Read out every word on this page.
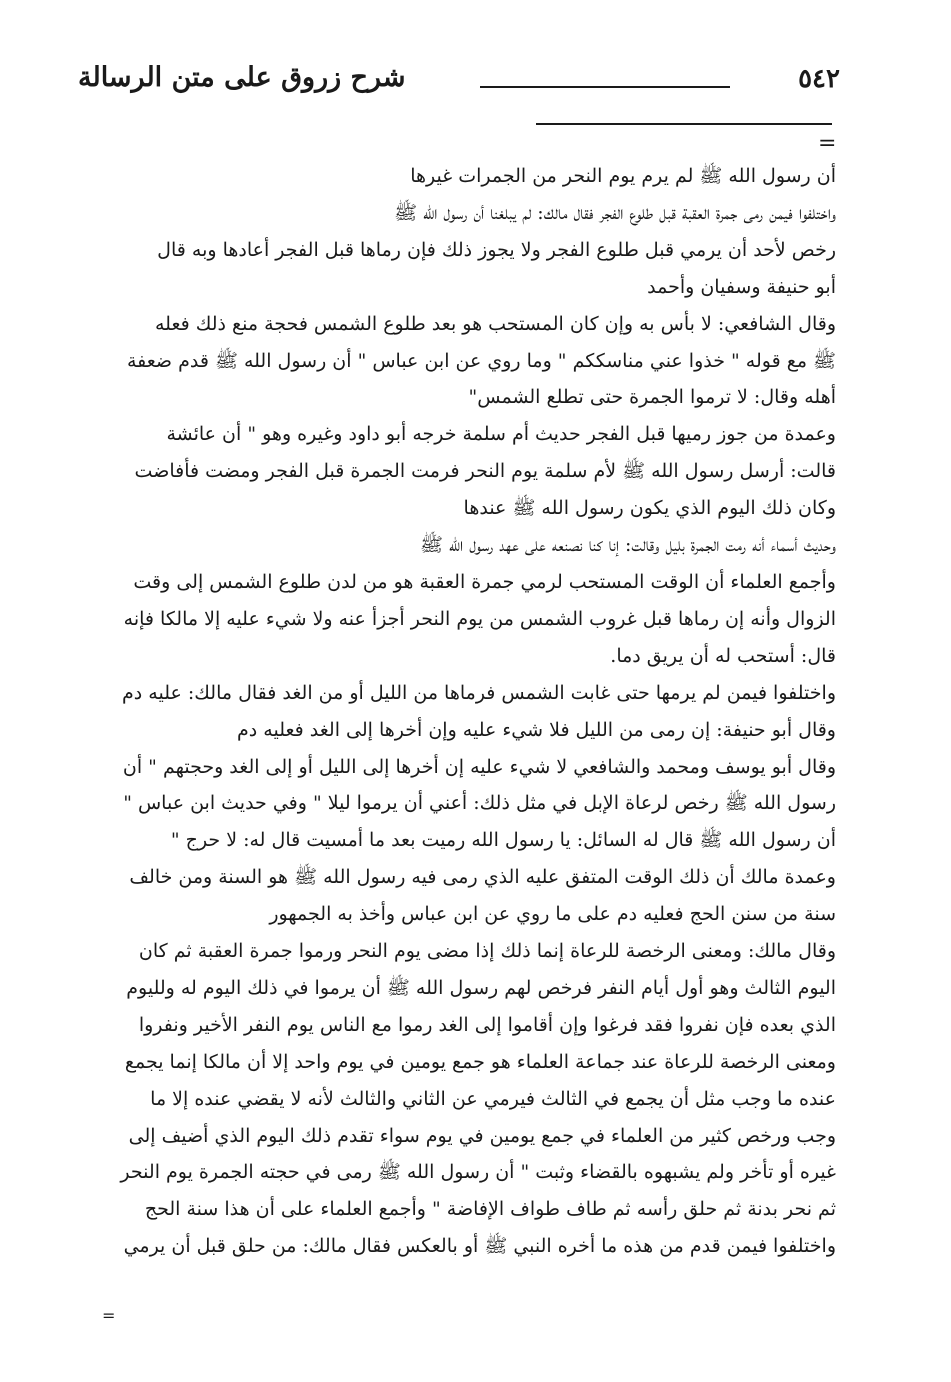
٥٤٢
شرح زروق على متن الرسالة
=
أن رسول الله ﷺ لم يرم يوم النحر من الجمرات غيرها
واختلفوا فيمن رمى جمرة العقبة قبل طلوع الفجر فقال مالك: لم يبلغنا أن رسول الله ﷺ
رخص لأحد أن يرمي قبل طلوع الفجر ولا يجوز ذلك فإن رماها قبل الفجر أعادها وبه قال
أبو حنيفة وسفيان وأحمد
وقال الشافعي: لا بأس به وإن كان المستحب هو بعد طلوع الشمس فحجة منع ذلك فعله
ﷺ مع قوله " خذوا عني مناسككم " وما روي عن ابن عباس " أن رسول الله ﷺ قدم ضعفة
أهله وقال: لا ترموا الجمرة حتى تطلع الشمس"
وعمدة من جوز رميها قبل الفجر حديث أم سلمة خرجه أبو داود وغيره وهو " أن عائشة
قالت: أرسل رسول الله ﷺ لأم سلمة يوم النحر فرمت الجمرة قبل الفجر ومضت فأفاضت
وكان ذلك اليوم الذي يكون رسول الله ﷺ عندها
وحديث أسماء أنه رمت الجمرة بليل وقالت: إنا كنا نصنعه على عهد رسول الله ﷺ
وأجمع العلماء أن الوقت المستحب لرمي جمرة العقبة هو من لدن طلوع الشمس إلى وقت
الزوال وأنه إن رماها قبل غروب الشمس من يوم النحر أجزأ عنه ولا شيء عليه إلا مالكا فإنه
قال: أستحب له أن يريق دما.
واختلفوا فيمن لم يرمها حتى غابت الشمس فرماها من الليل أو من الغد فقال مالك: عليه دم
وقال أبو حنيفة: إن رمى من الليل فلا شيء عليه وإن أخرها إلى الغد فعليه دم
وقال أبو يوسف ومحمد والشافعي لا شيء عليه إن أخرها إلى الليل أو إلى الغد وحجتهم " أن
رسول الله ﷺ رخص لرعاة الإبل في مثل ذلك: أعني أن يرموا ليلا " وفي حديث ابن عباس "
أن رسول الله ﷺ قال له السائل: يا رسول الله رميت بعد ما أمسيت قال له: لا حرج "
وعمدة مالك أن ذلك الوقت المتفق عليه الذي رمى فيه رسول الله ﷺ هو السنة ومن خالف
سنة من سنن الحج فعليه دم على ما روي عن ابن عباس وأخذ به الجمهور
وقال مالك: ومعنى الرخصة للرعاة إنما ذلك إذا مضى يوم النحر ورموا جمرة العقبة ثم كان
اليوم الثالث وهو أول أيام النفر فرخص لهم رسول الله ﷺ أن يرموا في ذلك اليوم له ولليوم
الذي بعده فإن نفروا فقد فرغوا وإن أقاموا إلى الغد رموا مع الناس يوم النفر الأخير ونفروا
ومعنى الرخصة للرعاة عند جماعة العلماء هو جمع يومين في يوم واحد إلا أن مالكا إنما يجمع
عنده ما وجب مثل أن يجمع في الثالث فيرمي عن الثاني والثالث لأنه لا يقضي عنده إلا ما
وجب ورخص كثير من العلماء في جمع يومين في يوم سواء تقدم ذلك اليوم الذي أضيف إلى
غيره أو تأخر ولم يشبهوه بالقضاء وثبت " أن رسول الله ﷺ رمى في حجته الجمرة يوم النحر
ثم نحر بدنة ثم حلق رأسه ثم طاف طواف الإفاضة " وأجمع العلماء على أن هذا سنة الحج
واختلفوا فيمن قدم من هذه ما أخره النبي ﷺ أو بالعكس فقال مالك: من حلق قبل أن يرمي
=
